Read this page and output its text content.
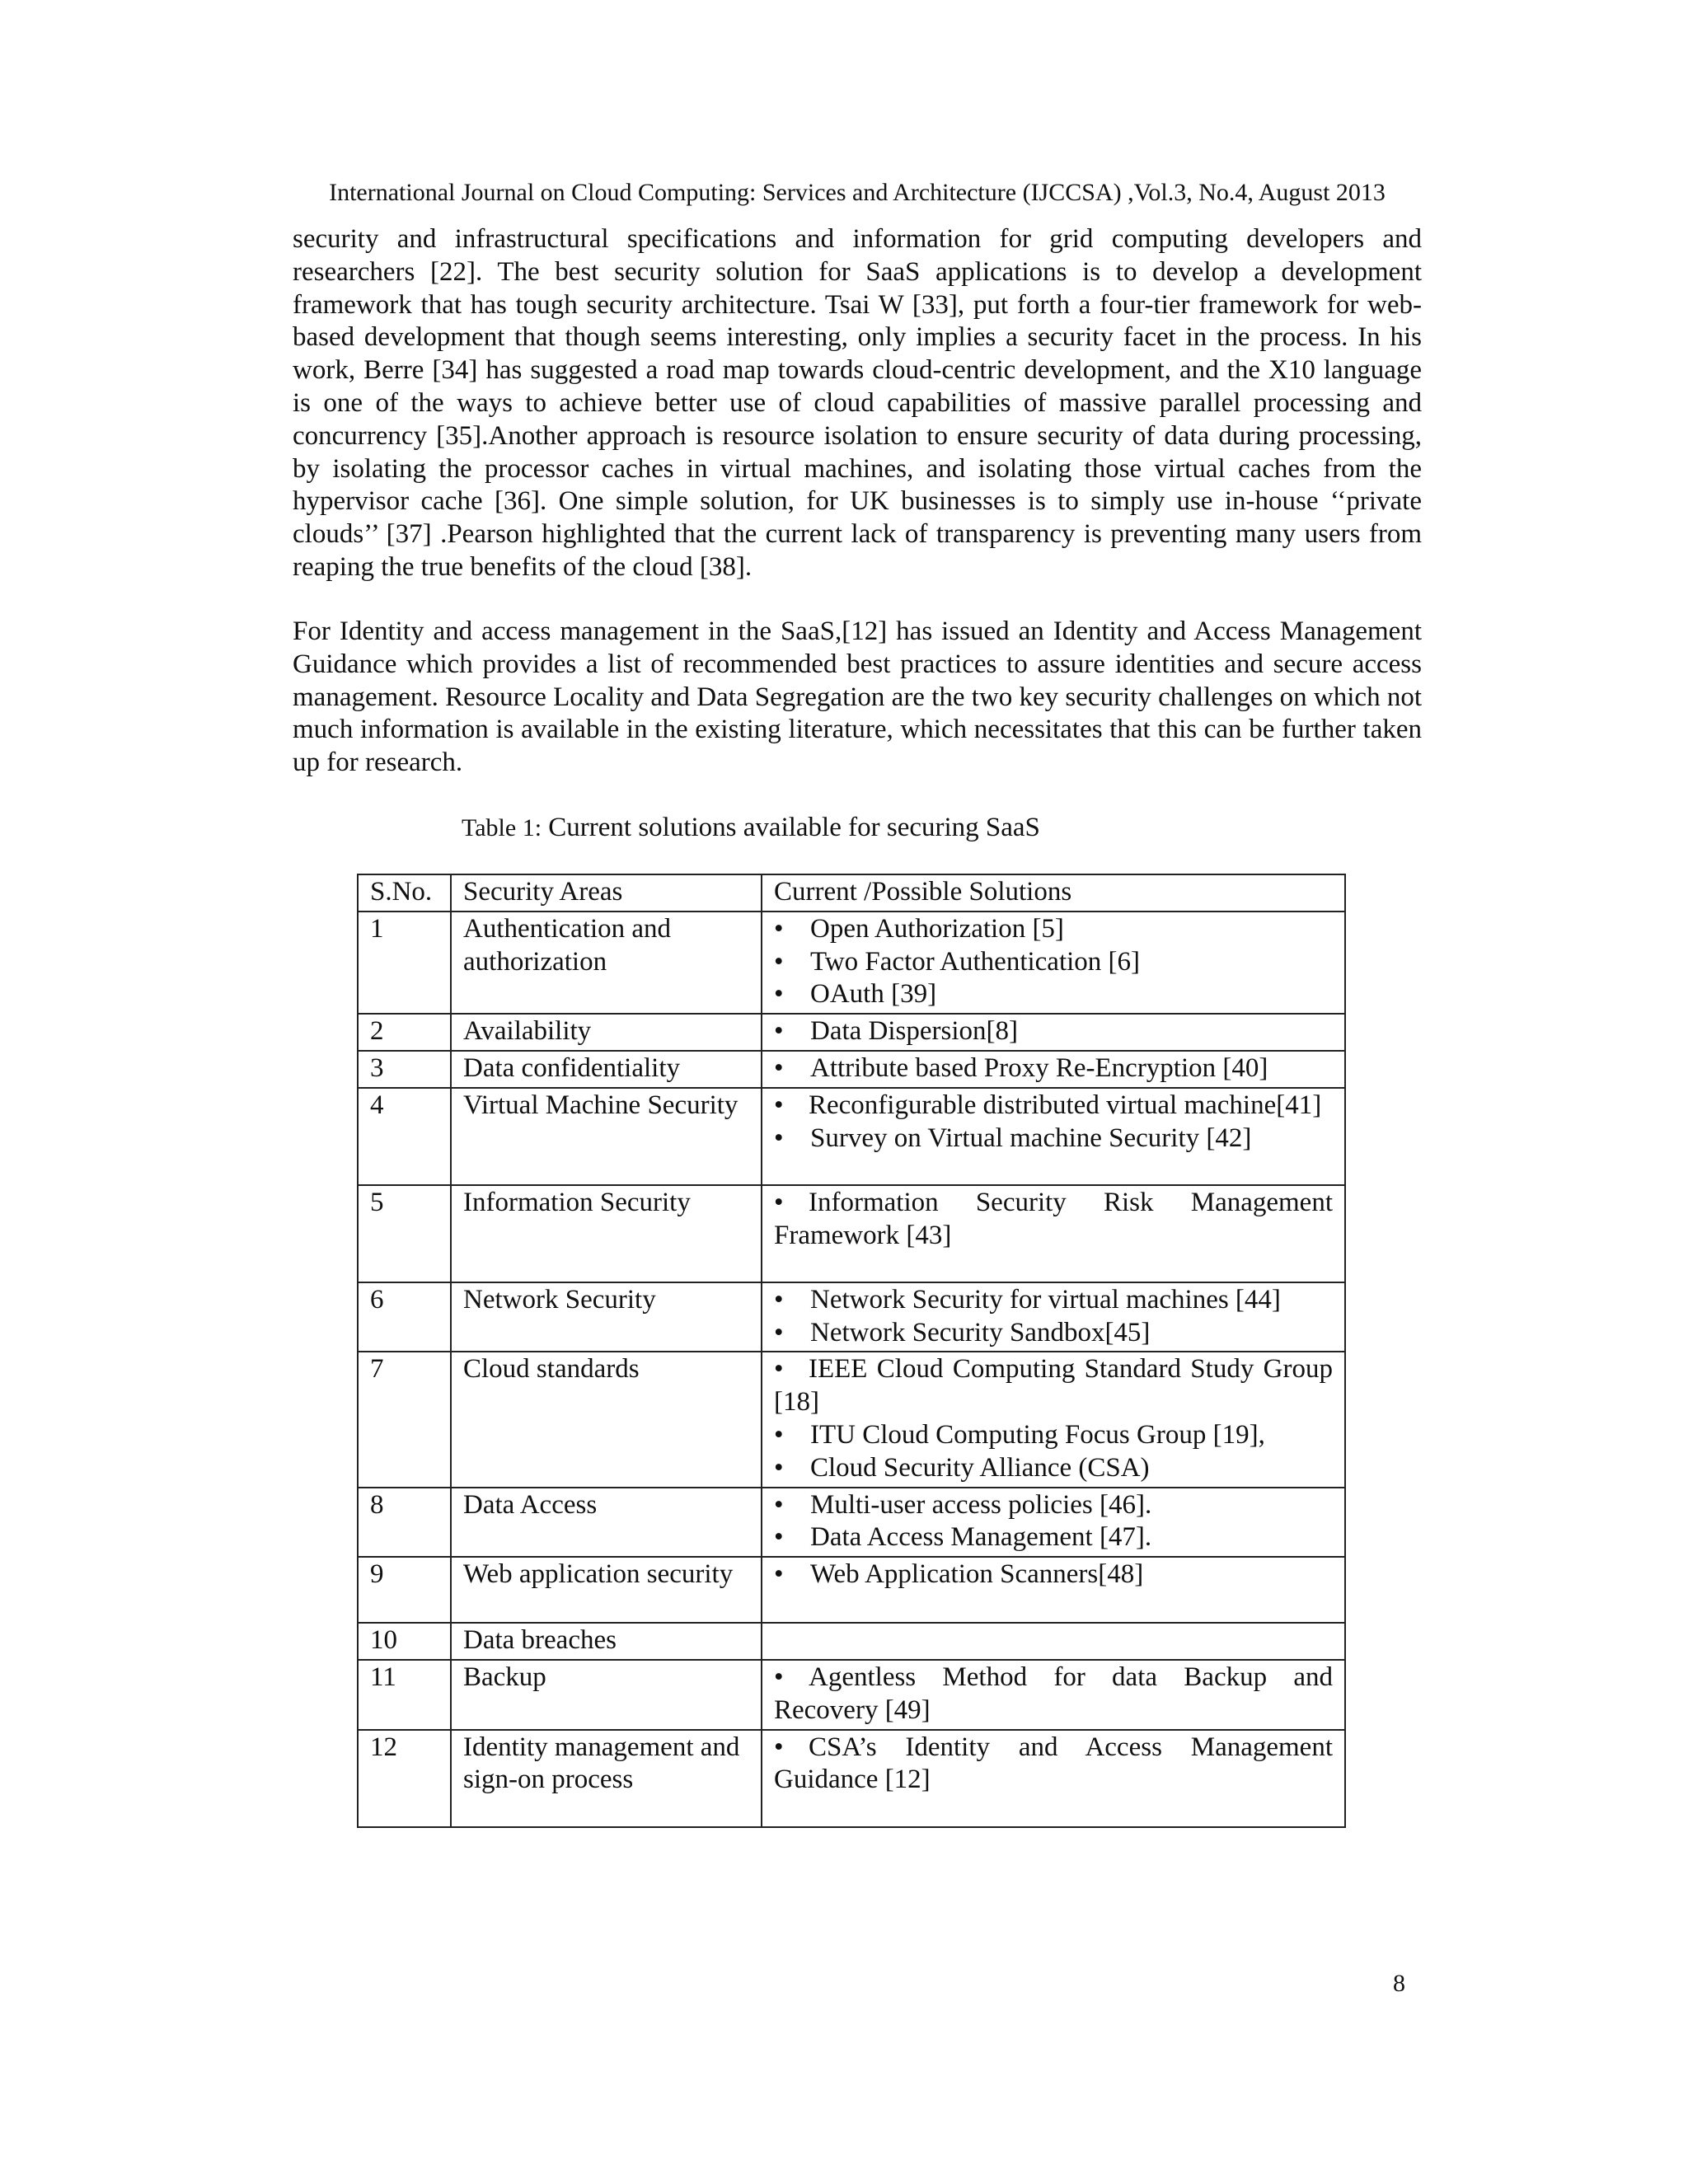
International Journal on Cloud Computing: Services and Architecture (IJCCSA) ,Vol.3, No.4, August 2013

security and infrastructural specifications and information for grid computing developers and researchers [22]. The best security solution for SaaS applications is to develop a development framework that has tough security architecture. Tsai W [33], put forth a four-tier framework for web-based development that though seems interesting, only implies a security facet in the process. In his work, Berre [34] has suggested a road map towards cloud-centric development, and the X10 language is one of the ways to achieve better use of cloud capabilities of massive parallel processing and concurrency [35].Another approach is resource isolation to ensure security of data during processing, by isolating the processor caches in virtual machines, and isolating those virtual caches from the hypervisor cache [36]. One simple solution, for UK businesses is to simply use in-house ‘‘private clouds’’ [37] .Pearson highlighted that the current lack of transparency is preventing many users from reaping the true benefits of the cloud [38].

For Identity and access management in the SaaS,[12] has issued an Identity and Access Management Guidance which provides a list of recommended best practices to assure identities and secure access management. Resource Locality and Data Segregation are the two key security challenges on which not much information is available in the existing literature, which necessitates that this can be further taken up for research.

Table 1: Current solutions available for securing SaaS
S.No.	Security Areas	Current /Possible Solutions
1	Authentication and authorization	• Open Authorization [5]
• Two Factor Authentication [6]
• OAuth [39]

2	Availability	• Data Dispersion[8]

3	Data confidentiality	• Attribute based Proxy Re-Encryption [40]

4	Virtual Machine Security	• Reconfigurable distributed virtual machine[41]
• Survey on Virtual machine Security [42]

5	Information Security	• Information Security Risk Management Framework [43]

6	Network Security	• Network Security for virtual machines [44]
• Network Security Sandbox[45]

7	Cloud standards	• IEEE Cloud Computing Standard Study Group [18]
• ITU Cloud Computing Focus Group [19],
• Cloud Security Alliance (CSA)

8	Data Access	• Multi-user access policies [46].
• Data Access Management [47].

9	Web application security	• Web Application Scanners[48]

10	Data breaches	
11	Backup	• Agentless Method for data Backup and Recovery [49]

12	Identity management and sign-on process	• CSA’s Identity and Access Management Guidance [12]
8
